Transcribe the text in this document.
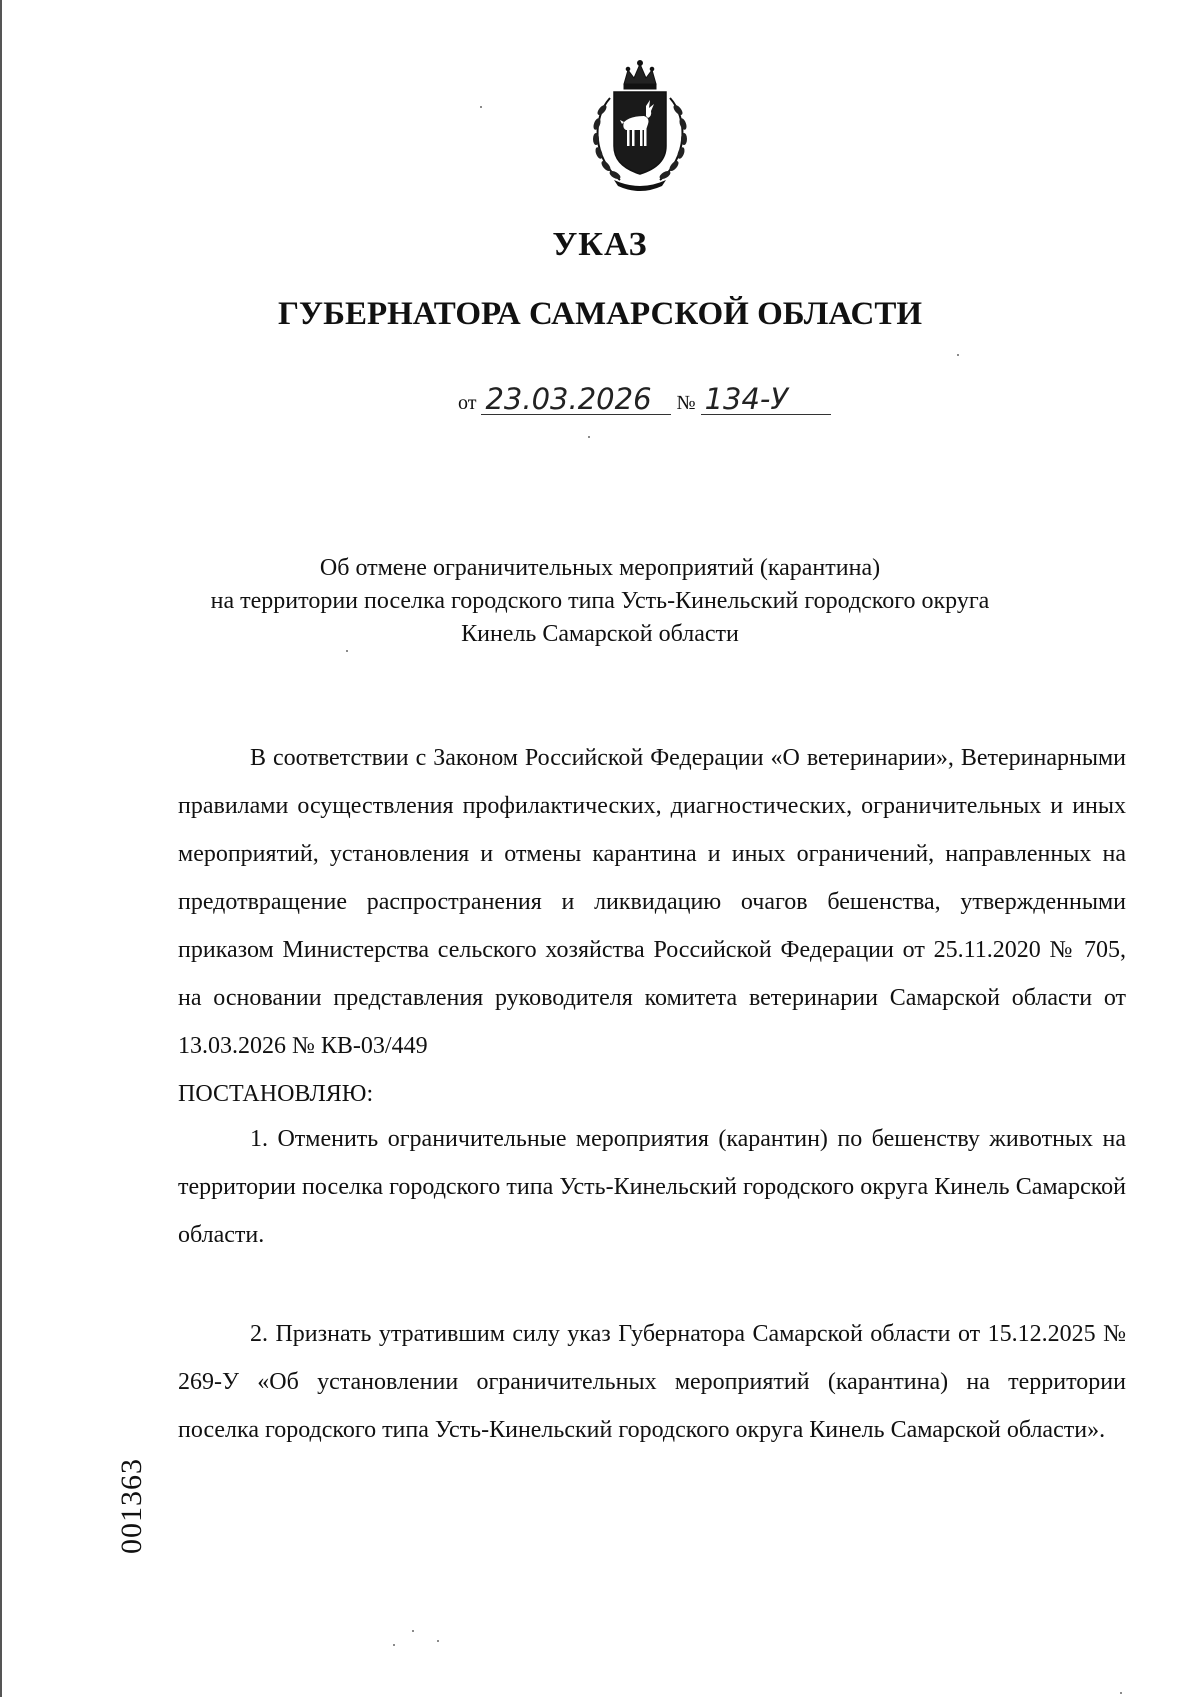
УКАЗ
ГУБЕРНАТОРА САМАРСКОЙ ОБЛАСТИ
от 23.03.2026 № 134-У
Об отмене ограничительных мероприятий (карантина)
на территории поселка городского типа Усть-Кинельский городского округа
Кинель Самарской области

В соответствии с Законом Российской Федерации «О ветеринарии», Ветеринарными правилами осуществления профилактических, диагностических, ограничительных и иных мероприятий, установления и отмены карантина и иных ограничений, направленных на предотвращение распространения и ликвидацию очагов бешенства, утвержденными приказом Министерства сельского хозяйства Российской Федерации от 25.11.2020 № 705, на основании представления руководителя комитета ветеринарии Самарской области от 13.03.2026 № КВ-03/449

ПОСТАНОВЛЯЮ:

1. Отменить ограничительные мероприятия (карантин) по бешенству животных на территории поселка городского типа Усть-Кинельский городского округа Кинель Самарской области.

2. Признать утратившим силу указ Губернатора Самарской области от 15.12.2025 № 269-У «Об установлении ограничительных мероприятий (карантина) на территории поселка городского типа Усть-Кинельский городского округа Кинель Самарской области».

001363
